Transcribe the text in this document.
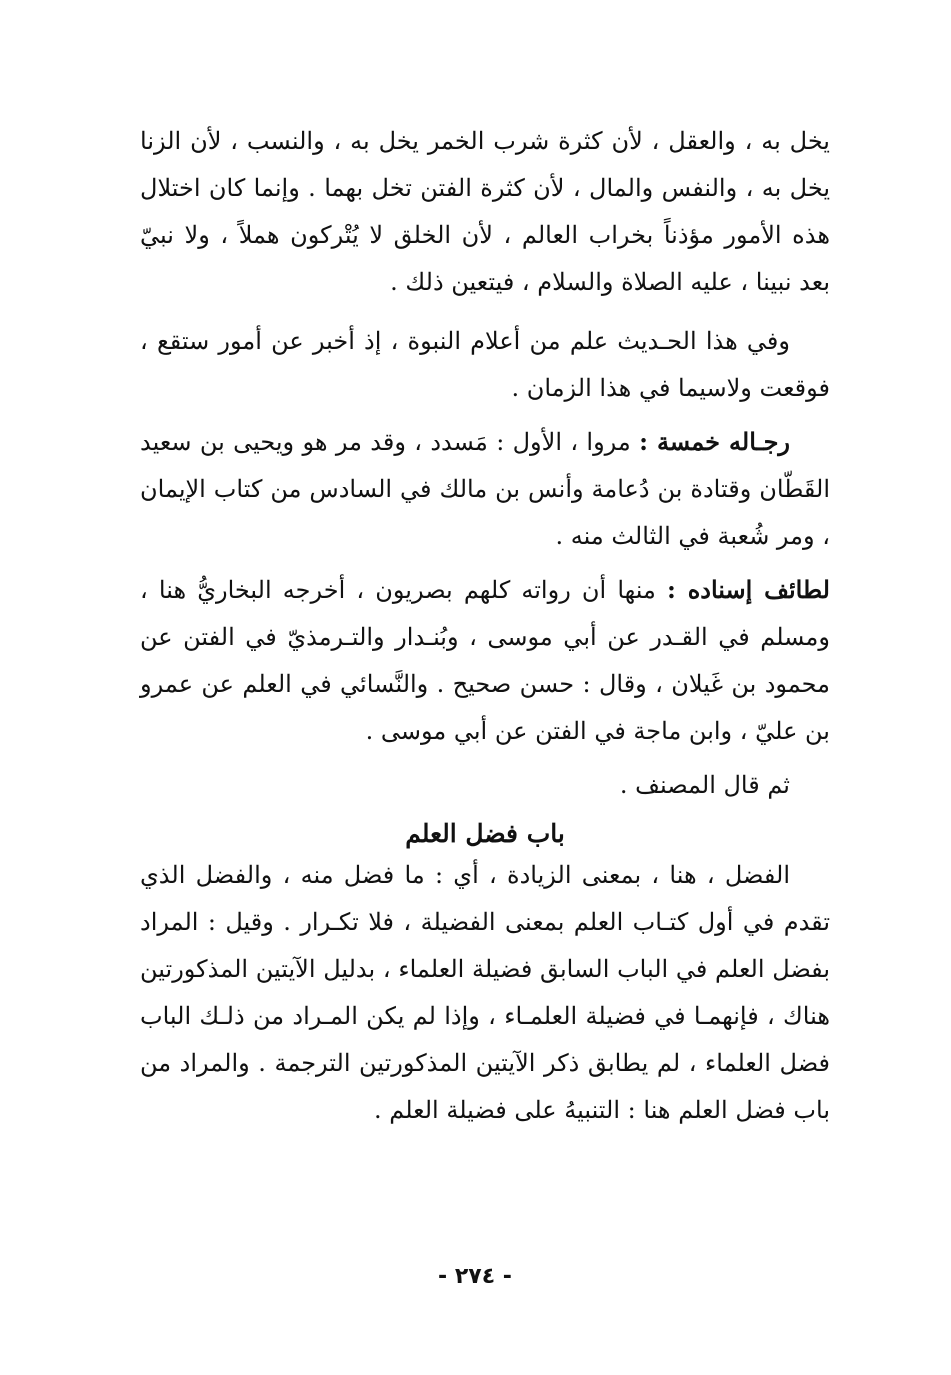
يخل به ، والعقل ، لأن كثرة شرب الخمر يخل به ، والنسب ، لأن الزنا يخل به ، والنفس والمال ، لأن كثرة الفتن تخل بهما . وإنما كان اختلال هذه الأمور مؤذناً بخراب العالم ، لأن الخلق لا يُتْركون هملاً ، ولا نبيّ بعد نبينا ، عليه الصلاة والسلام ، فيتعين ذلك .

وفي هذا الحـديث علم من أعلام النبوة ، إذ أخبر عن أمور ستقع ، فوقعت ولاسيما في هذا الزمان .

رجـاله خمسة : مروا ، الأول : مَسدد ، وقد مر هو ويحيى بن سعيد القَطّان وقتادة بن دُعامة وأنس بن مالك في السادس من كتاب الإيمان ، ومر شُعبة في الثالث منه .

لطائف إسناده : منها أن رواته كلهم بصريون ، أخرجه البخاريُّ هنا ، ومسلم في القـدر عن أبي موسى ، وبُنـدار والتـرمذيّ في الفتن عن محمود بن غَيلان ، وقال : حسن صحيح . والنَّسائي في العلم عن عمرو بن عليّ ، وابن ماجة في الفتن عن أبي موسى .

ثم قال المصنف .

باب فضل العلم

الفضل ، هنا ، بمعنى الزيادة ، أي : ما فضل منه ، والفضل الذي تقدم في أول كتـاب العلم بمعنى الفضيلة ، فلا تكـرار . وقيل : المراد بفضل العلم في الباب السابق فضيلة العلماء ، بدليل الآيتين المذكورتين هناك ، فإنهمـا في فضيلة العلمـاء ، وإذا لم يكن المـراد من ذلـك الباب فضل العلماء ، لم يطابق ذكر الآيتين المذكورتين الترجمة . والمراد من باب فضل العلم هنا : التنبيهُ على فضيلة العلم .

- ٢٧٤ -
